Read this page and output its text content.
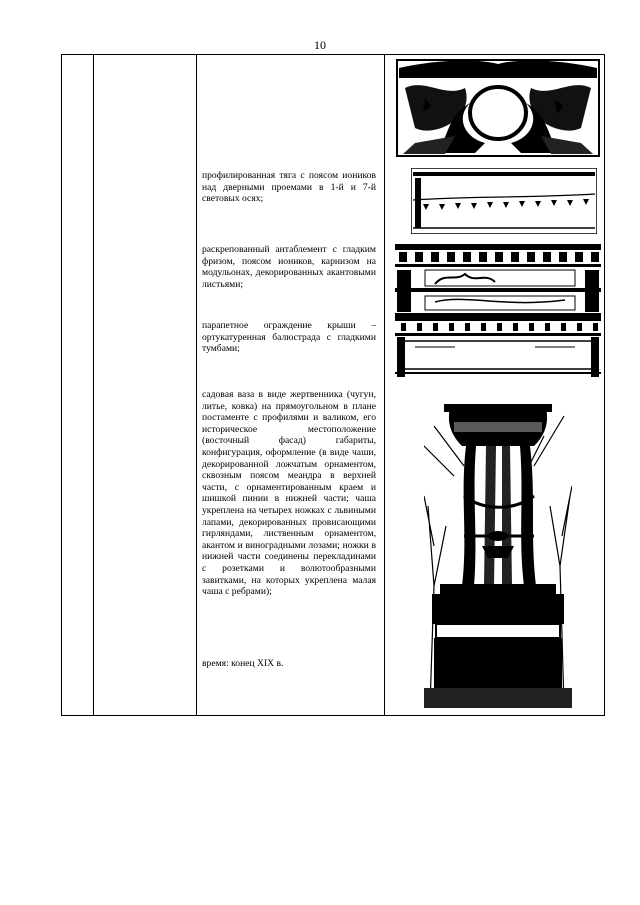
10

профилированная тяга с поясом иоников над дверными проемами в 1-й и 7-й световых осях;

раскрепованный антаблемент с гладким фризом, поясом иоников, карнизом на модульонах, декорированных акантовыми листьями;

парапетное ограждение крыши – ортукатуренная балюстрада с гладкими тумбами;

садовая ваза в виде жертвенника (чугун, литье, ковка) на прямоугольном в плане постаменте с профилями и валиком, его историческое местоположение (восточный фасад) габариты, конфигурация, оформление (в виде чаши, декорированной ложчатым орнаментом, сквозным поясом меандра в верхней части, с орнаментированным краем и шишкой пинии в нижней части; чаша укреплена на четырех ножках с львиными лапами, декорированных провисающими гирляндами, лиственным орнаментом, акантом и виноградными лозами; ножки в нижней части соединены перекладинами с розетками и волютообразными завитками, на которых укреплена малая чаша с ребрами);

время: конец XIX в.
